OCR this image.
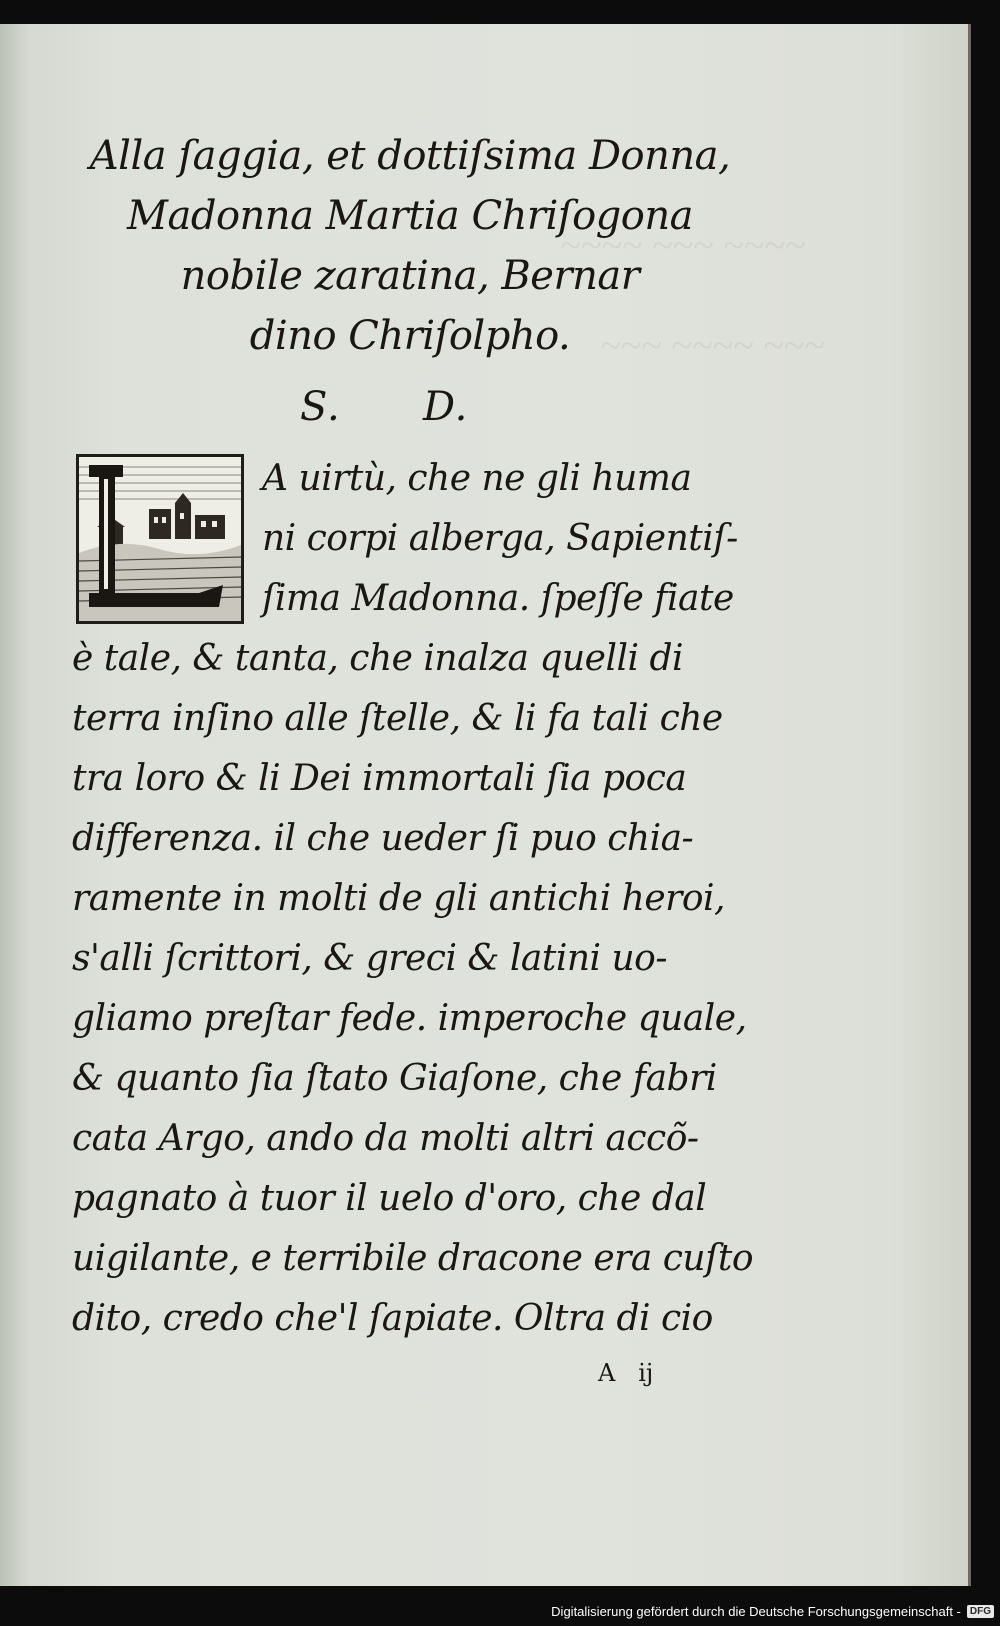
~~~~ ~~~ ~~~~
~~~ ~~~~ ~~~
Alla ſaggia, et dottiſsima Donna,
Madonna Martia Chriſogona
nobile zaratina, Bernar
dino Chriſolpho.
S.      D.
A uirtù, che ne gli huma
ni corpi alberga, Sapientiſ-
ſima Madonna. ſpeſſe fiate
è tale, & tanta, che inalza quelli di
terra inſino alle ſtelle, & li fa tali che
tra loro & li Dei immortali ſia poca
differenza. il che ueder ſi puo chia-
ramente in molti de gli antichi heroi,
s'alli ſcrittori, & greci & latini uo-
gliamo preſtar fede. imperoche quale,
& quanto ſia ſtato Giaſone, che fabri
cata Argo, ando da molti altri accõ-
pagnato à tuor il uelo d'oro, che dal
uigilante, e terribile dracone era cuſto
dito, credo che'l ſapiate. Oltra di cio
A   ij
Digitalisierung gefördert durch die Deutsche Forschungsgemeinschaft - DFG
